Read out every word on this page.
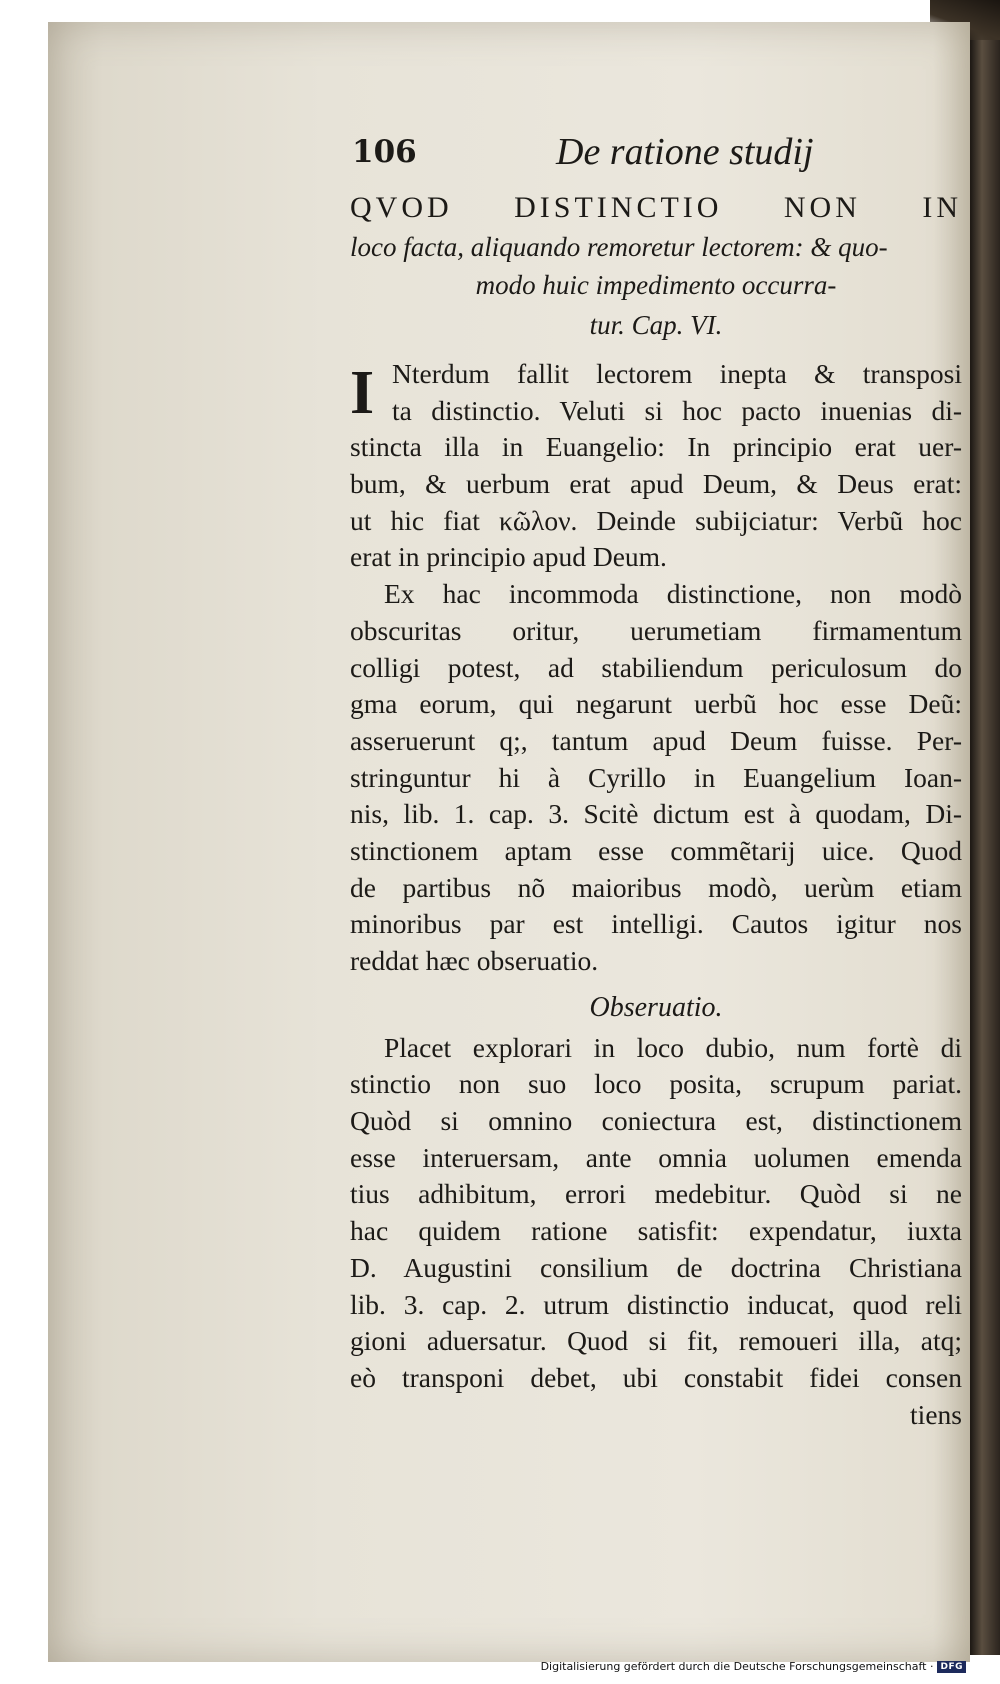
106	De ratione studij
QVOD DISTINCTIO NON IN
loco facta, aliquando remoretur lectorem: & quo-
modo huic impedimento occurra-
tur. Cap. VI.
I Nterdum fallit lectorem inepta & transposi
ta distinctio. Veluti si hoc pacto inuenias di-
stincta illa in Euangelio: In principio erat uer-
bum, & uerbum erat apud Deum, & Deus erat:
ut hic fiat κῶλον. Deinde subijciatur: Verbũ hoc
erat in principio apud Deum.
Ex hac incommoda distinctione, non modò
obscuritas oritur, uerumetiam firmamentum
colligi potest, ad stabiliendum periculosum do
gma eorum, qui negarunt uerbũ hoc esse Deũ:
asseruerunt q;, tantum apud Deum fuisse. Per-
stringuntur hi à Cyrillo in Euangelium Ioan-
nis, lib. 1. cap. 3. Scitè dictum est à quodam, Di-
stinctionem aptam esse commẽtarij uice. Quod
de partibus nõ maioribus modò, uerùm etiam
minoribus par est intelligi. Cautos igitur nos
reddat hæc obseruatio.
Obseruatio.
Placet explorari in loco dubio, num fortè di
stinctio non suo loco posita, scrupum pariat.
Quòd si omnino coniectura est, distinctionem
esse interuersam, ante omnia uolumen emenda
tius adhibitum, errori medebitur. Quòd si ne
hac quidem ratione satisfit: expendatur, iuxta
D. Augustini consilium de doctrina Christiana
lib. 3. cap. 2. utrum distinctio inducat, quod reli
gioni aduersatur. Quod si fit, remoueri illa, atq;
eò transponi debet, ubi constabit fidei consen
tiens
Digitalisierung gefördert durch die Deutsche Forschungsgemeinschaft · DFG
